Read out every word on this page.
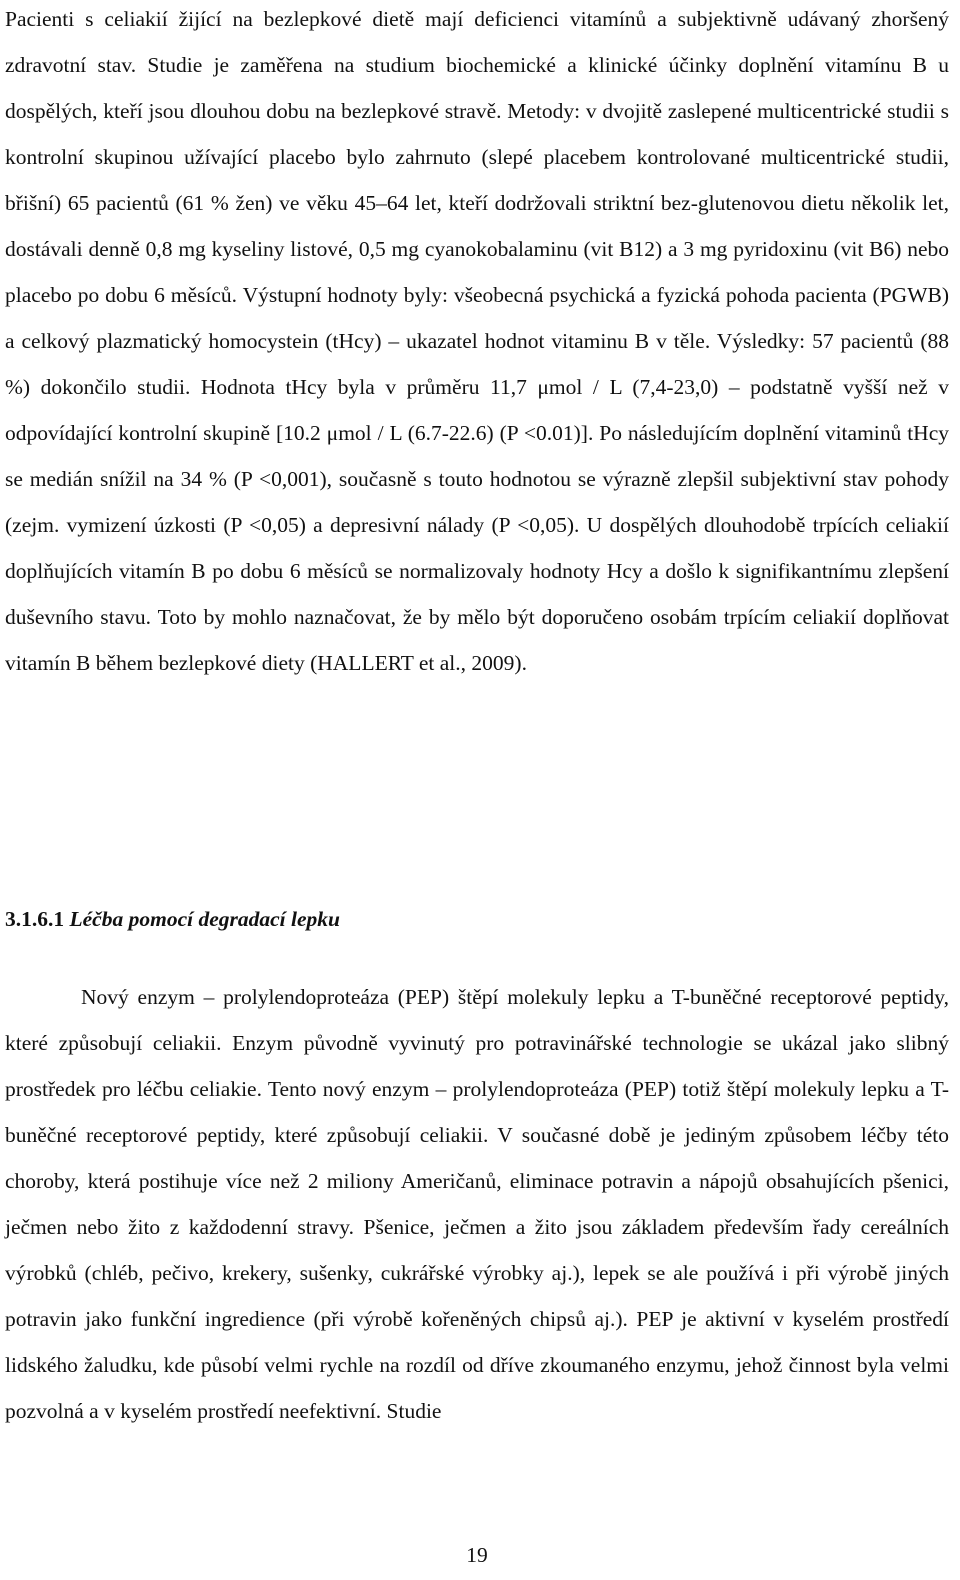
Pacienti s celiakií žijící na bezlepkové dietě mají deficienci vitamínů a subjektivně udávaný zhoršený zdravotní stav. Studie je zaměřena na studium biochemické a klinické účinky doplnění vitamínu B u dospělých, kteří jsou dlouhou dobu na bezlepkové stravě. Metody: v dvojitě zaslepené multicentrické studii s kontrolní skupinou užívající placebo bylo zahrnuto (slepé placebem kontrolované multicentrické studii, břišní) 65 pacientů (61 % žen) ve věku 45–64 let, kteří dodržovali striktní bez-glutenovou dietu několik let, dostávali denně 0,8 mg kyseliny listové, 0,5 mg cyanokobalaminu (vit B12) a 3 mg pyridoxinu (vit B6) nebo placebo po dobu 6 měsíců. Výstupní hodnoty byly: všeobecná psychická a fyzická pohoda pacienta (PGWB) a celkový plazmatický homocystein (tHcy) – ukazatel hodnot vitaminu B v těle. Výsledky: 57 pacientů (88 %) dokončilo studii. Hodnota tHcy byla v průměru 11,7 μmol / L (7,4-23,0) – podstatně vyšší než v odpovídající kontrolní skupině [10.2 μmol / L (6.7-22.6) (P <0.01)]. Po následujícím doplnění vitaminů tHcy se medián snížil na 34 % (P <0,001), současně s touto hodnotou se výrazně zlepšil subjektivní stav pohody (zejm. vymizení úzkosti (P <0,05) a depresivní nálady (P <0,05). U dospělých dlouhodobě trpících celiakií doplňujících vitamín B po dobu 6 měsíců se normalizovaly hodnoty Hcy a došlo k signifikantnímu zlepšení duševního stavu. Toto by mohlo naznačovat, že by mělo být doporučeno osobám trpícím celiakií doplňovat vitamín B během bezlepkové diety (HALLERT et al., 2009).

3.1.6.1 Léčba pomocí degradací lepku

Nový enzym – prolylendoproteáza (PEP) štěpí molekuly lepku a T-buněčné receptorové peptidy, které způsobují celiakii. Enzym původně vyvinutý pro potravinářské technologie se ukázal jako slibný prostředek pro léčbu celiakie. Tento nový enzym – prolylendoproteáza (PEP) totiž štěpí molekuly lepku a T-buněčné receptorové peptidy, které způsobují celiakii. V současné době je jediným způsobem léčby této choroby, která postihuje více než 2 miliony Američanů, eliminace potravin a nápojů obsahujících pšenici, ječmen nebo žito z každodenní stravy. Pšenice, ječmen a žito jsou základem především řady cereálních výrobků (chléb, pečivo, krekery, sušenky, cukrářské výrobky aj.), lepek se ale používá i při výrobě jiných potravin jako funkční ingredience (při výrobě kořeněných chipsů aj.). PEP je aktivní v kyselém prostředí lidského žaludku, kde působí velmi rychle na rozdíl od dříve zkoumaného enzymu, jehož činnost byla velmi pozvolná a v kyselém prostředí neefektivní. Studie

19
